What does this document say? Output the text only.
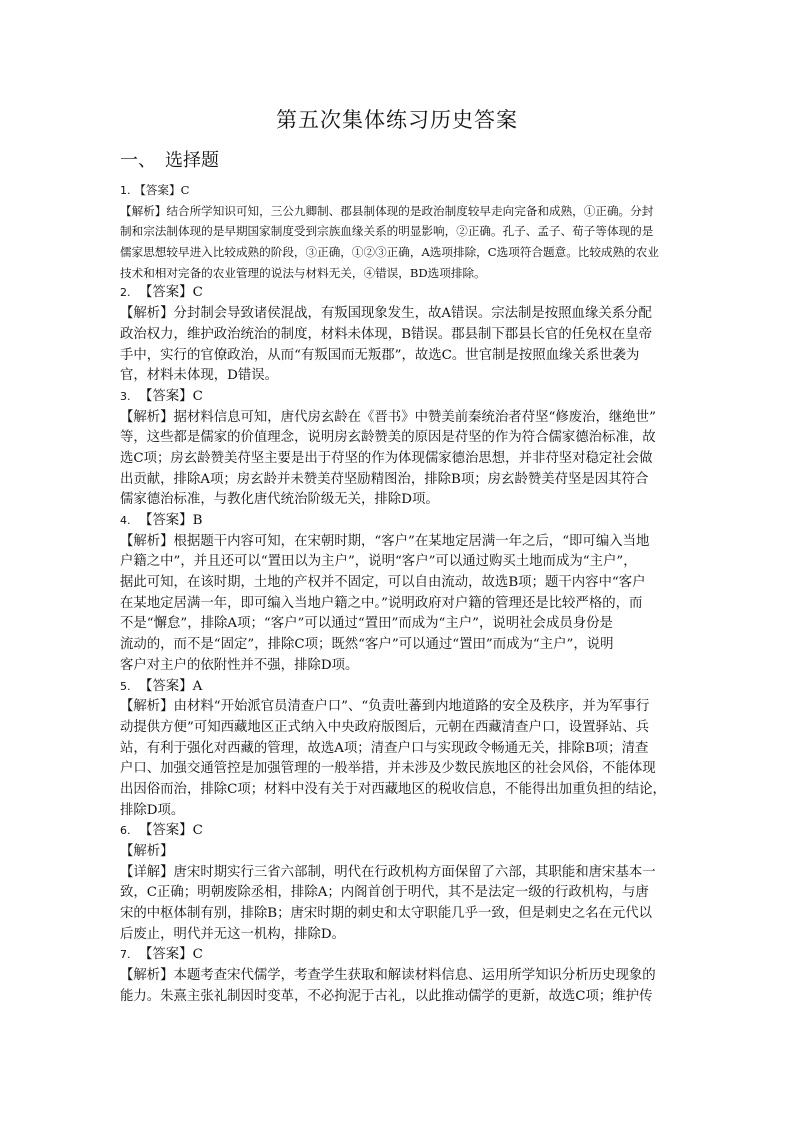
第五次集体练习历史答案
一、　选择题
1. 【答案】C
【解析】结合所学知识可知，三公九卿制、郡县制体现的是政治制度较早走向完备和成熟，①正确。分封
制和宗法制体现的是早期国家制度受到宗族血缘关系的明显影响，②正确。孔子、孟子、荀子等体现的是
儒家思想较早进入比较成熟的阶段，③正确，①②③正确，A选项排除，C选项符合题意。比较成熟的农业
技术和相对完备的农业管理的说法与材料无关，④错误，BD选项排除。
2. 【答案】C
【解析】分封制会导致诸侯混战，有叛国现象发生，故A错误。宗法制是按照血缘关系分配
政治权力，维护政治统治的制度，材料未体现，B错误。郡县制下郡县长官的任免权在皇帝
手中，实行的官僚政治，从而“有叛国而无叛郡”，故选C。世官制是按照血缘关系世袭为
官，材料未体现，D错误。
3. 【答案】C
【解析】据材料信息可知，唐代房玄龄在《晋书》中赞美前秦统治者苻坚“修废治，继绝世”
等，这些都是儒家的价值理念，说明房玄龄赞美的原因是苻坚的作为符合儒家德治标准，故
选C项；房玄龄赞美苻坚主要是出于苻坚的作为体现儒家德治思想，并非苻坚对稳定社会做
出贡献，排除A项；房玄龄并未赞美苻坚励精图治，排除B项；房玄龄赞美苻坚是因其符合
儒家德治标准，与教化唐代统治阶级无关，排除D项。
4. 【答案】B
【解析】根据题干内容可知，在宋朝时期，“客户”在某地定居满一年之后，“即可编入当地
户籍之中”，并且还可以“置田以为主户”，说明“客户”可以通过购买土地而成为“主户”，
据此可知，在该时期，土地的产权并不固定，可以自由流动，故选B项；题干内容中“客户
在某地定居满一年，即可编入当地户籍之中。”说明政府对户籍的管理还是比较严格的，而
不是“懈怠”，排除A项；“客户”可以通过“置田”而成为“主户”，说明社会成员身份是
流动的，而不是“固定”，排除C项；既然“客户”可以通过“置田”而成为“主户”，说明
客户对主户的依附性并不强，排除D项。
5. 【答案】A
【解析】由材料“开始派官员清查户口”、“负责吐蕃到内地道路的安全及秩序，并为军事行
动提供方便”可知西藏地区正式纳入中央政府版图后，元朝在西藏清查户口，设置驿站、兵
站，有利于强化对西藏的管理，故选A项；清查户口与实现政令畅通无关，排除B项；清查
户口、加强交通管控是加强管理的一般举措，并未涉及少数民族地区的社会风俗，不能体现
出因俗而治，排除C项；材料中没有关于对西藏地区的税收信息，不能得出加重负担的结论，
排除D项。
6. 【答案】C
【解析】
【详解】唐宋时期实行三省六部制，明代在行政机构方面保留了六部，其职能和唐宋基本一
致，C正确；明朝废除丞相，排除A；内阁首创于明代，其不是法定一级的行政机构，与唐
宋的中枢体制有别，排除B；唐宋时期的刺史和太守职能几乎一致，但是刺史之名在元代以
后废止，明代并无这一机构，排除D。
7. 【答案】C
【解析】本题考查宋代儒学，考查学生获取和解读材料信息、运用所学知识分析历史现象的
能力。朱熹主张礼制因时变革，不必拘泥于古礼，以此推动儒学的更新，故选C项；维护传
